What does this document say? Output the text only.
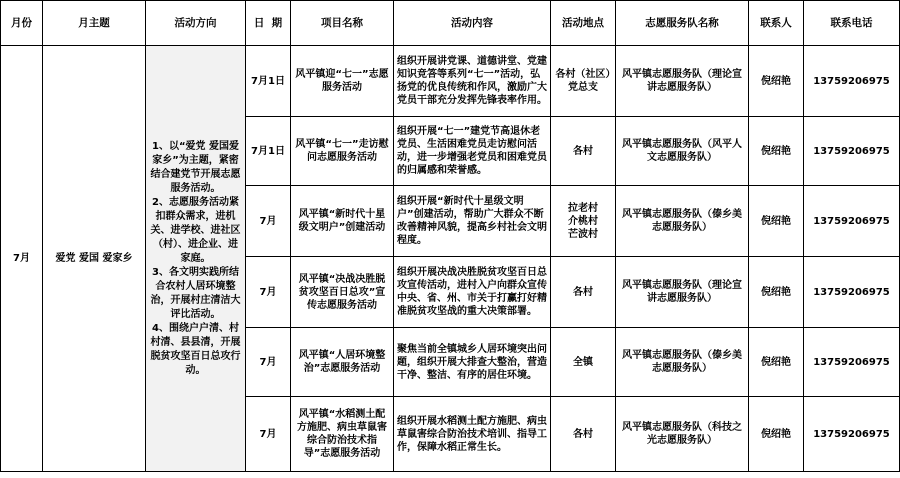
月份	月主题	活动方向	日  期	项目名称	活动内容	活动地点	志愿服务队名称	联系人	联系电话
7月	爱党 爱国 爱家乡	1、以“爱党 爱国爱家乡”为主题，紧密结合建党节开展志愿服务活动。
2、志愿服务活动紧扣群众需求，进机关、进学校、进社区（村）、进企业、进家庭。
3、各文明实践所结合农村人居环境整治，开展村庄清洁大评比活动。
4、围绕户户清、村村清、县县清，开展脱贫攻坚百日总攻行动。	7月1日	风平镇迎“七一”志愿服务活动	组织开展讲党课、道德讲堂、党建知识竞答等系列“七一”活动，弘扬党的优良传统和作风，激励广大党员干部充分发挥先锋表率作用。	各村（社区）党总支	风平镇志愿服务队（理论宣讲志愿服务队）	倪绍艳	13759206975
			7月1日	风平镇“七一”走访慰问志愿服务活动	组织开展“七一”建党节高退休老党员、生活困难党员走访慰问活动，进一步增强老党员和困难党员的归属感和荣誉感。	各村	风平镇志愿服务队（风平人文志愿服务队）	倪绍艳	13759206975
			7月	风平镇“新时代十星级文明户”创建活动	组织开展“新时代十星级文明户”创建活动，帮助广大群众不断改善精神风貌，提高乡村社会文明程度。	拉老村
介桃村
芒波村	风平镇志愿服务队（傣乡美志愿服务队）	倪绍艳	13759206975
			7月	风平镇“决战决胜脱贫攻坚百日总攻”宣传志愿服务活动	组织开展决战决胜脱贫攻坚百日总攻宣传活动，进村入户向群众宣传中央、省、州、市关于打赢打好精准脱贫攻坚战的重大决策部署。	各村	风平镇志愿服务队（理论宣讲志愿服务队）	倪绍艳	13759206975
			7月	风平镇“人居环境整治”志愿服务活动	聚焦当前全镇城乡人居环境突出问题，组织开展大排查大整治，营造干净、整洁、有序的居住环境。	全镇	风平镇志愿服务队（傣乡美志愿服务队）	倪绍艳	13759206975
			7月	风平镇“水稻测土配方施肥、病虫草鼠害综合防治技术指导”志愿服务活动	组织开展水稻测土配方施肥、病虫草鼠害综合防治技术培训、指导工作，保障水稻正常生长。	各村	风平镇志愿服务队（科技之光志愿服务队）	倪绍艳	13759206975
